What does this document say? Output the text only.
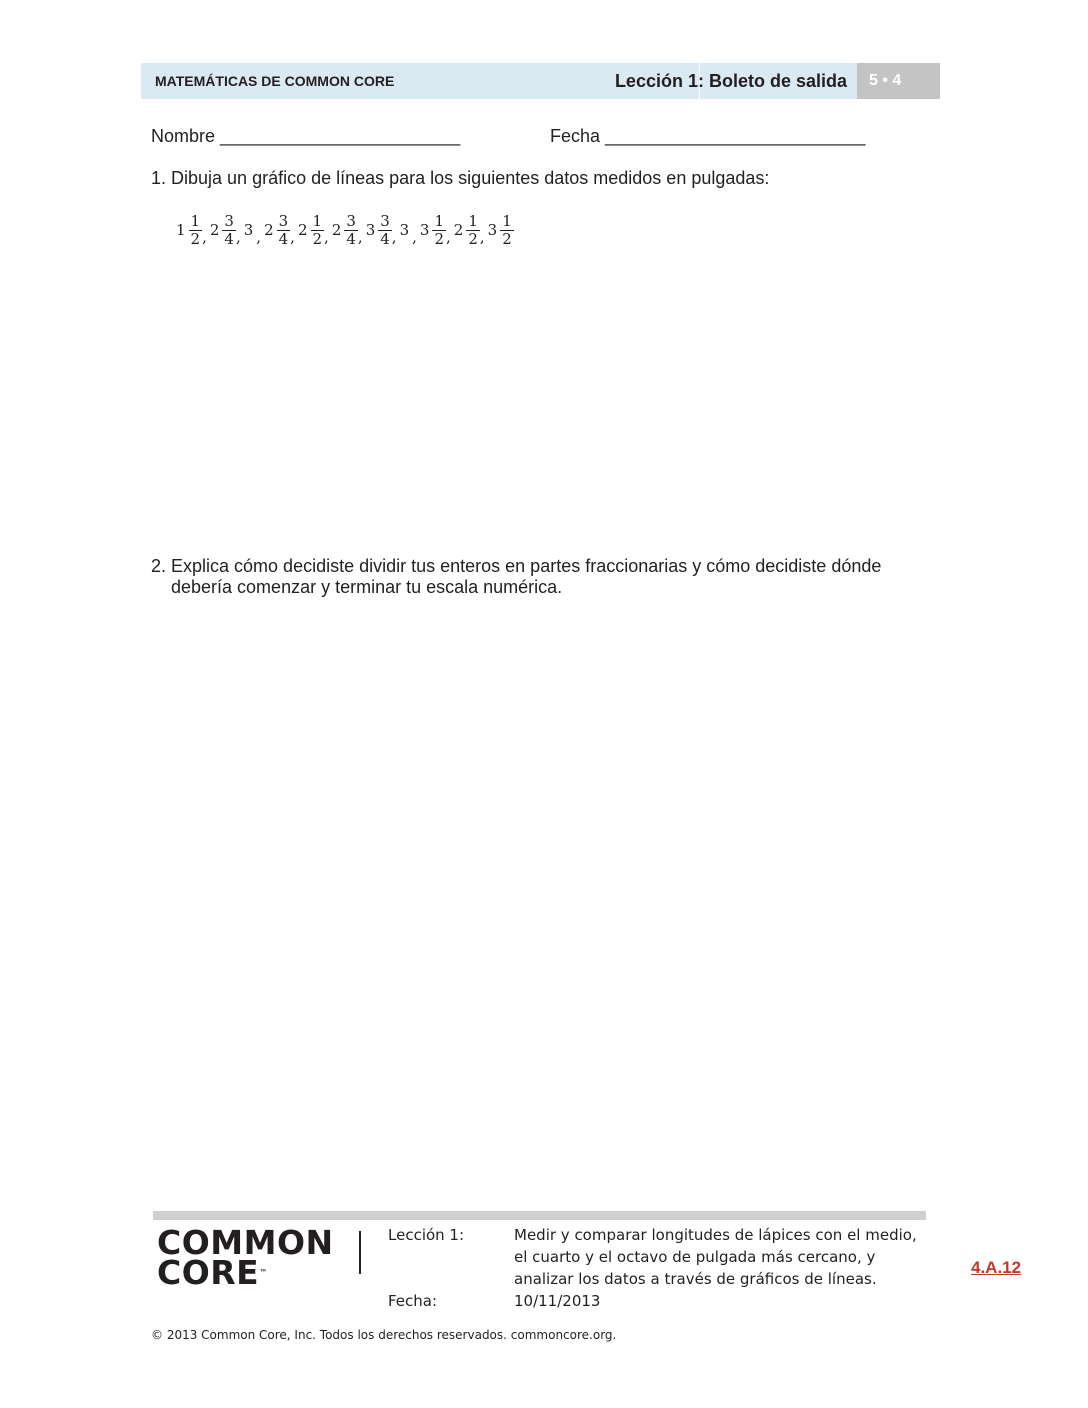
MATEMÁTICAS DE COMMON CORE	Lección 1: Boleto de salida	5 • 4
Nombre ________________________	Fecha __________________________
1. Dibuja un gráfico de líneas para los siguientes datos medidos en pulgadas:
$1 \frac{1}{2}$ , $2 \frac{3}{4}$ , 3 , $2 \frac{3}{4}$ , $2 \frac{1}{2}$ , $2 \frac{3}{4}$ , $3 \frac{3}{4}$ , 3 , $3 \frac{1}{2}$ , $2 \frac{1}{2}$ , $3 \frac{1}{2}$
2. Explica cómo decidiste dividir tus enteros en partes fraccionarias y cómo decidiste dónde
debería comenzar y terminar tu escala numérica.
COMMON
CORE™
Lección 1:	Medir y comparar longitudes de lápices con el medio, el cuarto y el octavo de pulgada más cercano, y analizar los datos a través de gráficos de líneas.
Fecha:	10/11/2013
4.A.12
© 2013 Common Core, Inc. Todos los derechos reservados. commoncore.org.
